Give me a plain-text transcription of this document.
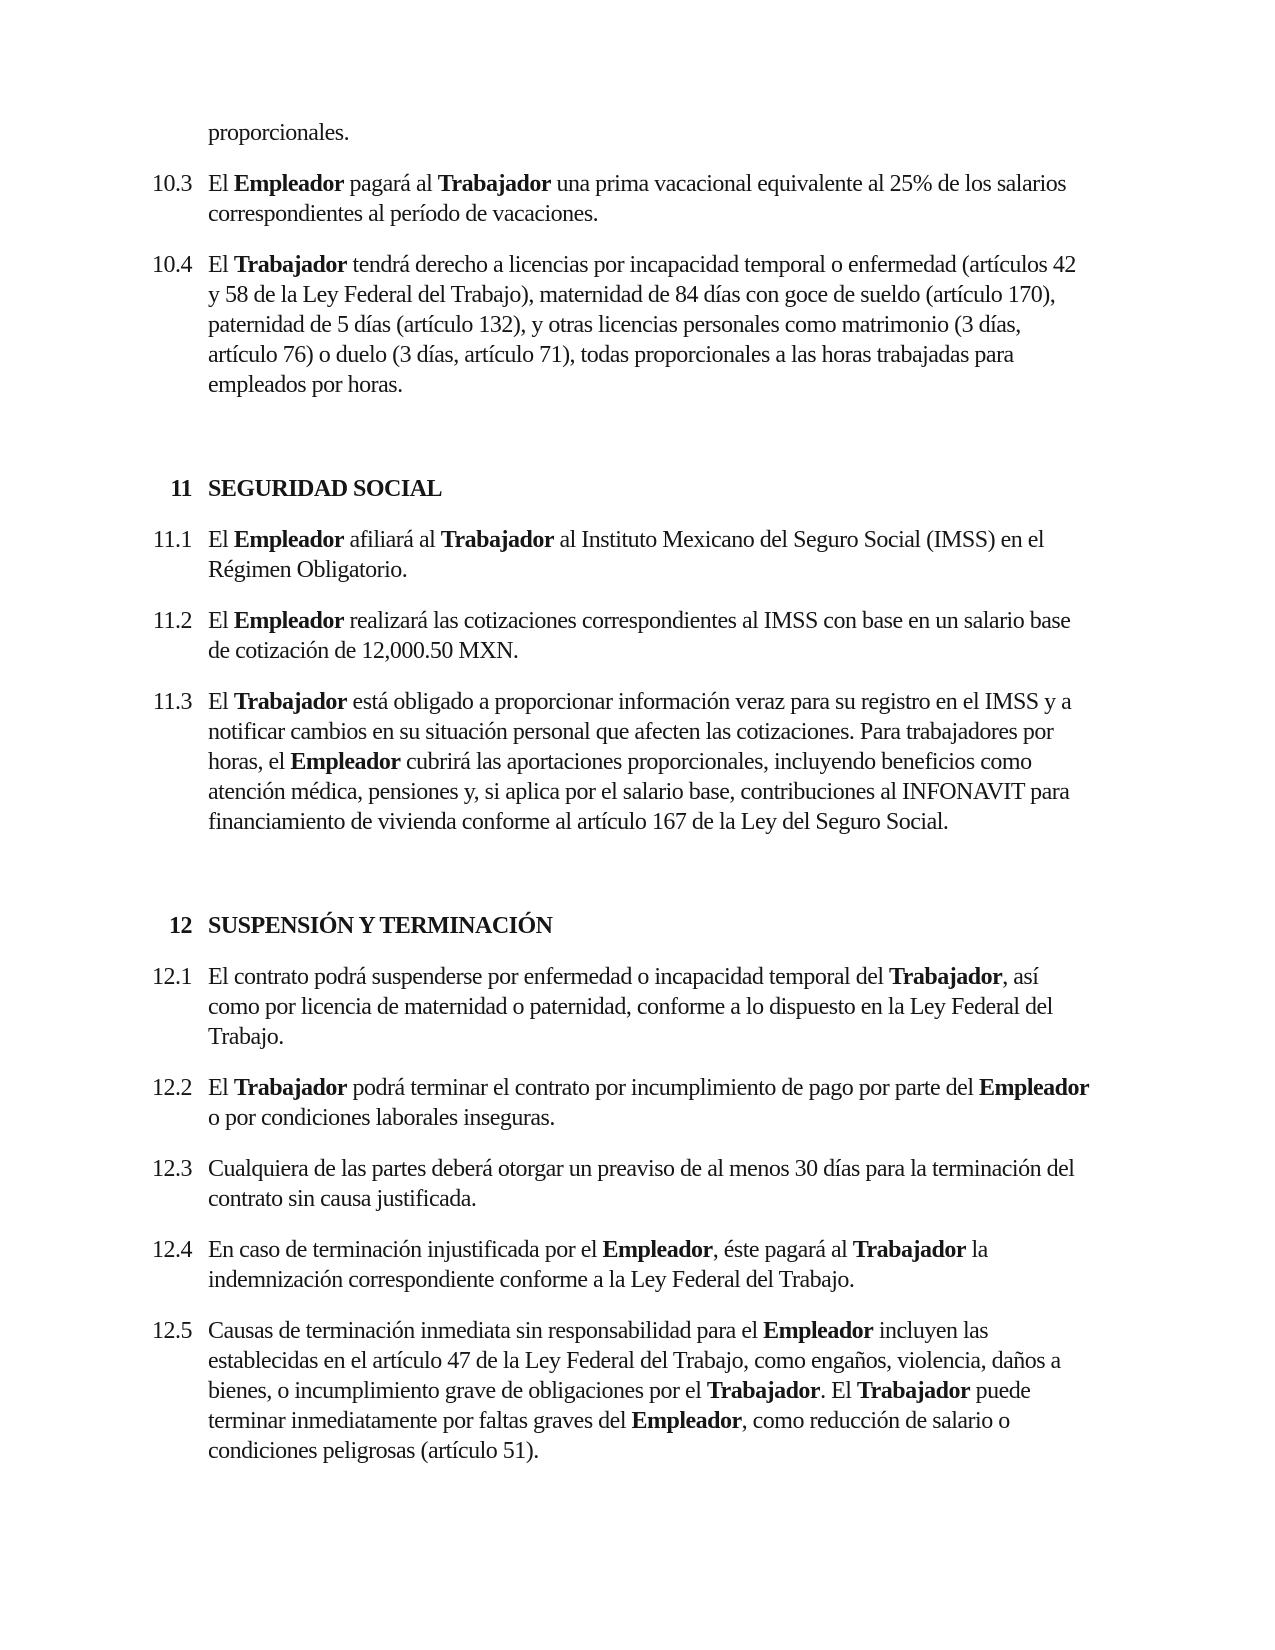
proporcionales.
10.3 El Empleador pagará al Trabajador una prima vacacional equivalente al 25% de los salarios correspondientes al período de vacaciones.
10.4 El Trabajador tendrá derecho a licencias por incapacidad temporal o enfermedad (artículos 42 y 58 de la Ley Federal del Trabajo), maternidad de 84 días con goce de sueldo (artículo 170), paternidad de 5 días (artículo 132), y otras licencias personales como matrimonio (3 días, artículo 76) o duelo (3 días, artículo 71), todas proporcionales a las horas trabajadas para empleados por horas.
11 SEGURIDAD SOCIAL
11.1 El Empleador afiliará al Trabajador al Instituto Mexicano del Seguro Social (IMSS) en el Régimen Obligatorio.
11.2 El Empleador realizará las cotizaciones correspondientes al IMSS con base en un salario base de cotización de 12,000.50 MXN.
11.3 El Trabajador está obligado a proporcionar información veraz para su registro en el IMSS y a notificar cambios en su situación personal que afecten las cotizaciones. Para trabajadores por horas, el Empleador cubrirá las aportaciones proporcionales, incluyendo beneficios como atención médica, pensiones y, si aplica por el salario base, contribuciones al INFONAVIT para financiamiento de vivienda conforme al artículo 167 de la Ley del Seguro Social.
12 SUSPENSIÓN Y TERMINACIÓN
12.1 El contrato podrá suspenderse por enfermedad o incapacidad temporal del Trabajador, así como por licencia de maternidad o paternidad, conforme a lo dispuesto en la Ley Federal del Trabajo.
12.2 El Trabajador podrá terminar el contrato por incumplimiento de pago por parte del Empleador o por condiciones laborales inseguras.
12.3 Cualquiera de las partes deberá otorgar un preaviso de al menos 30 días para la terminación del contrato sin causa justificada.
12.4 En caso de terminación injustificada por el Empleador, éste pagará al Trabajador la indemnización correspondiente conforme a la Ley Federal del Trabajo.
12.5 Causas de terminación inmediata sin responsabilidad para el Empleador incluyen las establecidas en el artículo 47 de la Ley Federal del Trabajo, como engaños, violencia, daños a bienes, o incumplimiento grave de obligaciones por el Trabajador. El Trabajador puede terminar inmediatamente por faltas graves del Empleador, como reducción de salario o condiciones peligrosas (artículo 51).
